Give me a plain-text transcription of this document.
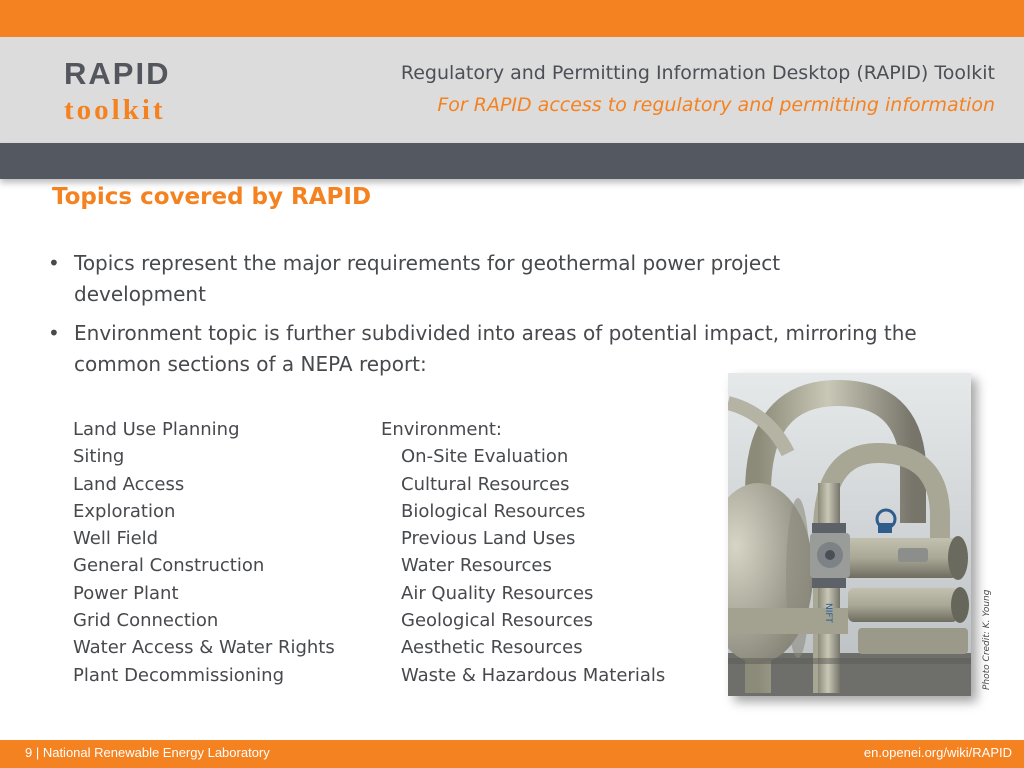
RAPID
toolkit
Regulatory and Permitting Information Desktop (RAPID) Toolkit
For RAPID access to regulatory and permitting information
Topics covered by RAPID
• Topics represent the major requirements for geothermal power project development
• Environment topic is further subdivided into areas of potential impact, mirroring the common sections of a NEPA report:
Land Use Planning
Siting
Land Access
Exploration
Well Field
General Construction
Power Plant
Grid Connection
Water Access & Water Rights
Plant Decommissioning
Environment:
On-Site Evaluation
Cultural Resources
Biological Resources
Previous Land Uses
Water Resources
Air Quality Resources
Geological Resources
Aesthetic Resources
Waste & Hazardous Materials
NIFT	Photo Credit: K. Young
9 | National Renewable Energy Laboratory	en.openei.org/wiki/RAPID
